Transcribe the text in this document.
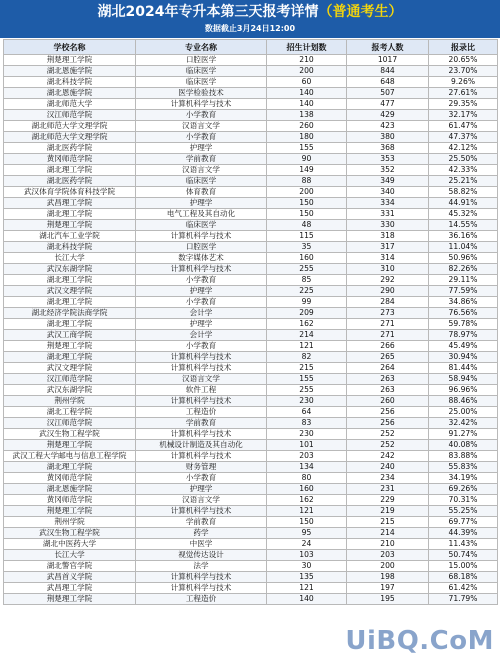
湖北2024年专升本第三天报考详情（普通考生）
数据截止3月24日12:00
学校名称	专业名称	招生计划数	报考人数	报录比
荆楚理工学院	口腔医学	210	1017	20.65%
湖北恩施学院	临床医学	200	844	23.70%
湖北科技学院	临床医学	60	648	9.26%
湖北恩施学院	医学检验技术	140	507	27.61%
湖北师范大学	计算机科学与技术	140	477	29.35%
汉江师范学院	小学教育	138	429	32.17%
湖北师范大学文理学院	汉语言文学	260	423	61.47%
湖北师范大学文理学院	小学教育	180	380	47.37%
湖北医药学院	护理学	155	368	42.12%
黄冈师范学院	学前教育	90	353	25.50%
湖北理工学院	汉语言文学	149	352	42.33%
湖北医药学院	临床医学	88	349	25.21%
武汉体育学院体育科技学院	体育教育	200	340	58.82%
武昌理工学院	护理学	150	334	44.91%
湖北理工学院	电气工程及其自动化	150	331	45.32%
荆楚理工学院	临床医学	48	330	14.55%
湖北汽车工业学院	计算机科学与技术	115	318	36.16%
湖北科技学院	口腔医学	35	317	11.04%
长江大学	数字媒体艺术	160	314	50.96%
武汉东湖学院	计算机科学与技术	255	310	82.26%
湖北理工学院	小学教育	85	292	29.11%
武汉文理学院	护理学	225	290	77.59%
湖北理工学院	小学教育	99	284	34.86%
湖北经济学院法商学院	会计学	209	273	76.56%
湖北理工学院	护理学	162	271	59.78%
武汉工商学院	会计学	214	271	78.97%
荆楚理工学院	小学教育	121	266	45.49%
湖北理工学院	计算机科学与技术	82	265	30.94%
武汉文理学院	计算机科学与技术	215	264	81.44%
汉江师范学院	汉语言文学	155	263	58.94%
武汉东湖学院	软件工程	255	263	96.96%
荆州学院	计算机科学与技术	230	260	88.46%
湖北工程学院	工程造价	64	256	25.00%
汉江师范学院	学前教育	83	256	32.42%
武汉生物工程学院	计算机科学与技术	230	252	91.27%
荆楚理工学院	机械设计制造及其自动化	101	252	40.08%
武汉工程大学邮电与信息工程学院	计算机科学与技术	203	242	83.88%
湖北理工学院	财务管理	134	240	55.83%
黄冈师范学院	小学教育	80	234	34.19%
湖北恩施学院	护理学	160	231	69.26%
黄冈师范学院	汉语言文学	162	229	70.31%
荆楚理工学院	计算机科学与技术	121	219	55.25%
荆州学院	学前教育	150	215	69.77%
武汉生物工程学院	药学	95	214	44.39%
湖北中医药大学	中医学	24	210	11.43%
长江大学	视觉传达设计	103	203	50.74%
湖北警官学院	法学	30	200	15.00%
武昌首义学院	计算机科学与技术	135	198	68.18%
武昌理工学院	计算机科学与技术	121	197	61.42%
荆楚理工学院	工程造价	140	195	71.79%
UiBQ.CoM
